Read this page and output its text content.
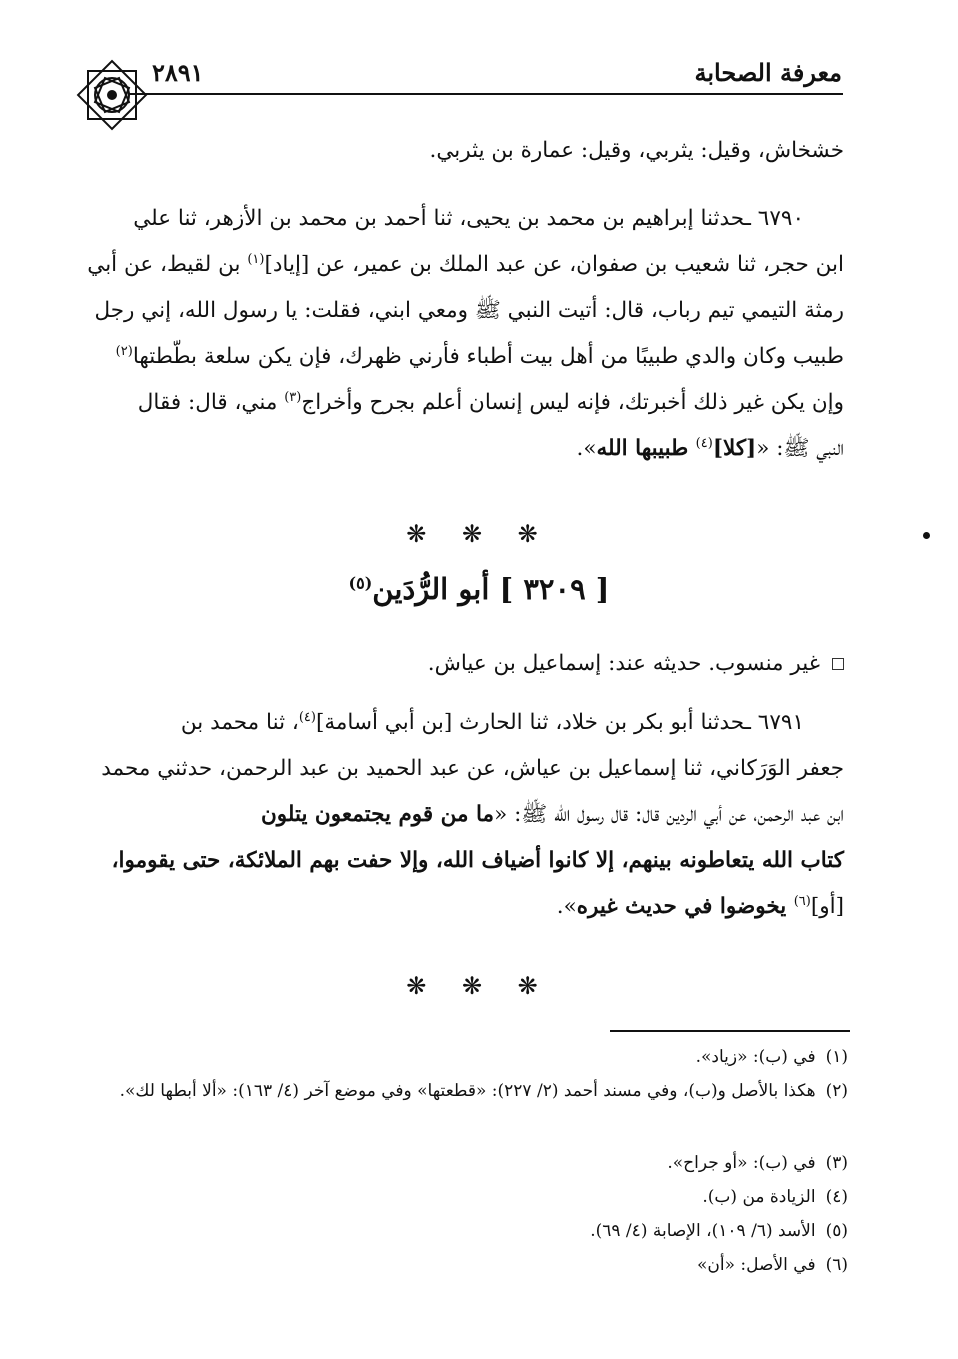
معرفة الصحابة
٢٨٩١
خشخاش، وقيل: يثربي، وقيل: عمارة بن يثربي.
٦٧٩٠ ـحدثنا إبراهيم بن محمد بن يحيى، ثنا أحمد بن محمد بن الأزهر، ثنا علي
ابن حجر، ثنا شعيب بن صفوان، عن عبد الملك بن عمير، عن [إياد]$^{(١)}$ بن لقيط، عن أبي
رمثة التيمي تيم رباب، قال: أتيت النبي ﷺ ومعي ابني، فقلت: يا رسول الله، إني رجل
طبيب وكان والدي طبيبًا من أهل بيت أطباء فأرني ظهرك، فإن يكن سلعة بطّطتها$^{(٢)}$
وإن يكن غير ذلك أخبرتك، فإنه ليس إنسان أعلم بجرح وأخراج$^{(٣)}$ مني، قال: فقال
النبي ﷺ: «[كلا]$^{(٤)}$ طبيبها الله».
❋ ❋ ❋
[ ٣٢٠٩ ] أبو الرُّدَين$^{(٥)}$
غير منسوب. حديثه عند: إسماعيل بن عياش.
٦٧٩١ ـحدثنا أبو بكر بن خلاد، ثنا الحارث [بن أبي أسامة]$^{(٤)}$، ثنا محمد بن
جعفر الوَرَكاني، ثنا إسماعيل بن عياش، عن عبد الحميد بن عبد الرحمن، حدثني محمد
ابن عبد الرحمن، عن أبي الردين قال: قال رسول الله ﷺ: «ما من قوم يجتمعون يتلون
كتاب الله يتعاطونه بينهم، إلا كانوا أضياف الله، وإلا حفت بهم الملائكة، حتى يقوموا،
[أو]$^{(٦)}$ يخوضوا في حديث غيره».
❋ ❋ ❋
(١)في (ب): «زياد».
(٢)هكذا بالأصل و(ب)، وفي مسند أحمد (٢/ ٢٢٧): «قطعتها» وفي موضع آخر (٤/ ١٦٣): «ألا أبطها لك».
(٣)في (ب): «أو جراح».
(٤)الزيادة من (ب).
(٥)الأسد (٦/ ١٠٩)، الإصابة (٤/ ٦٩).
(٦)في الأصل: «أن»
